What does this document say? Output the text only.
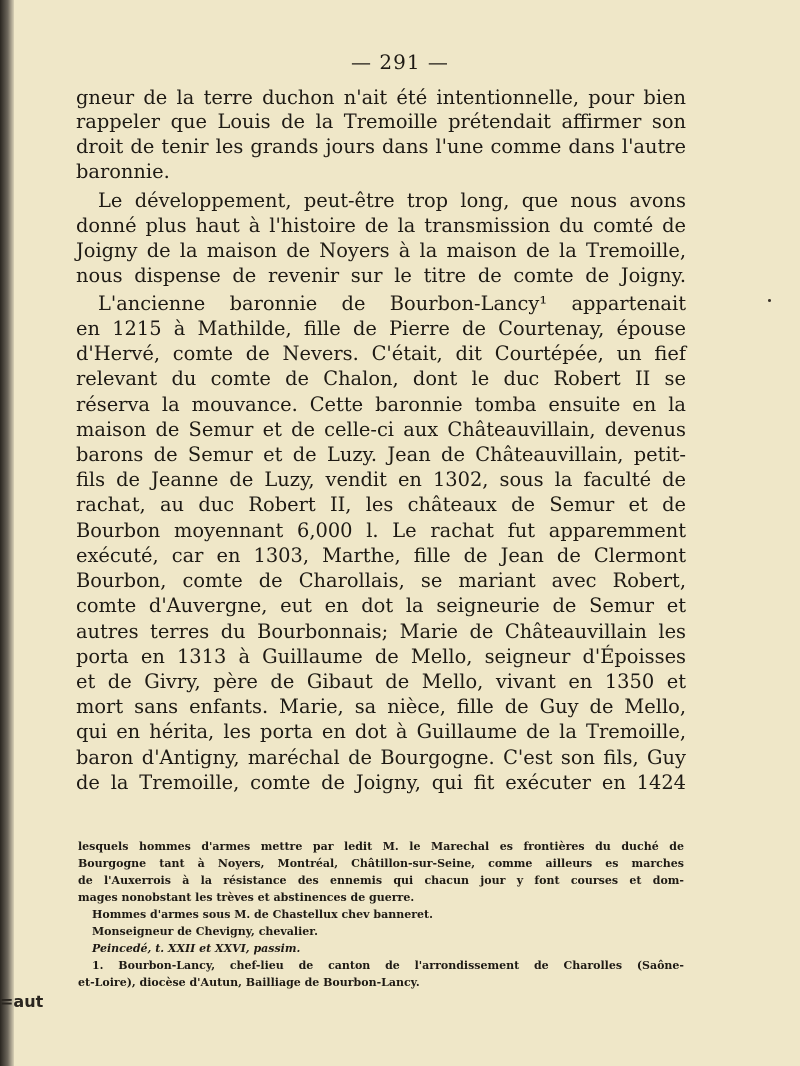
— 291 —
gneur de la terre duchon n'ait été intentionnelle, pour bien
rappeler que Louis de la Tremoille prétendait affirmer son
droit de tenir les grands jours dans l'une comme dans l'autre
baronnie.
Le développement, peut-être trop long, que nous avons
donné plus haut à l'histoire de la transmission du comté de
Joigny de la maison de Noyers à la maison de la Tremoille,
nous dispense de revenir sur le titre de comte de Joigny.
L'ancienne baronnie de Bourbon-Lancy¹ appartenait
en 1215 à Mathilde, fille de Pierre de Courtenay, épouse
d'Hervé, comte de Nevers. C'était, dit Courtépée, un fief
relevant du comte de Chalon, dont le duc Robert II se
réserva la mouvance. Cette baronnie tomba ensuite en la
maison de Semur et de celle-ci aux Châteauvillain, devenus
barons de Semur et de Luzy. Jean de Châteauvillain, petit-
fils de Jeanne de Luzy, vendit en 1302, sous la faculté de
rachat, au duc Robert II, les châteaux de Semur et de
Bourbon moyennant 6,000 l. Le rachat fut apparemment
exécuté, car en 1303, Marthe, fille de Jean de Clermont
Bourbon, comte de Charollais, se mariant avec Robert,
comte d'Auvergne, eut en dot la seigneurie de Semur et
autres terres du Bourbonnais; Marie de Châteauvillain les
porta en 1313 à Guillaume de Mello, seigneur d'Époisses
et de Givry, père de Gibaut de Mello, vivant en 1350 et
mort sans enfants. Marie, sa nièce, fille de Guy de Mello,
qui en hérita, les porta en dot à Guillaume de la Tremoille,
baron d'Antigny, maréchal de Bourgogne. C'est son fils, Guy
de la Tremoille, comte de Joigny, qui fit exécuter en 1424
lesquels hommes d'armes mettre par ledit M. le Marechal es frontières du duché de
Bourgogne tant à Noyers, Montréal, Châtillon-sur-Seine, comme ailleurs es marches
de l'Auxerrois à la résistance des ennemis qui chacun jour y font courses et dom-
mages nonobstant les trèves et abstinences de guerre.
Hommes d'armes sous M. de Chastellux chev banneret.
Monseigneur de Chevigny, chevalier.
Peincedé, t. XXII et XXVI, passim.
1. Bourbon-Lancy, chef-lieu de canton de l'arrondissement de Charolles (Saône-
et-Loire), diocèse d'Autun, Bailliage de Bourbon-Lancy.
=aut
